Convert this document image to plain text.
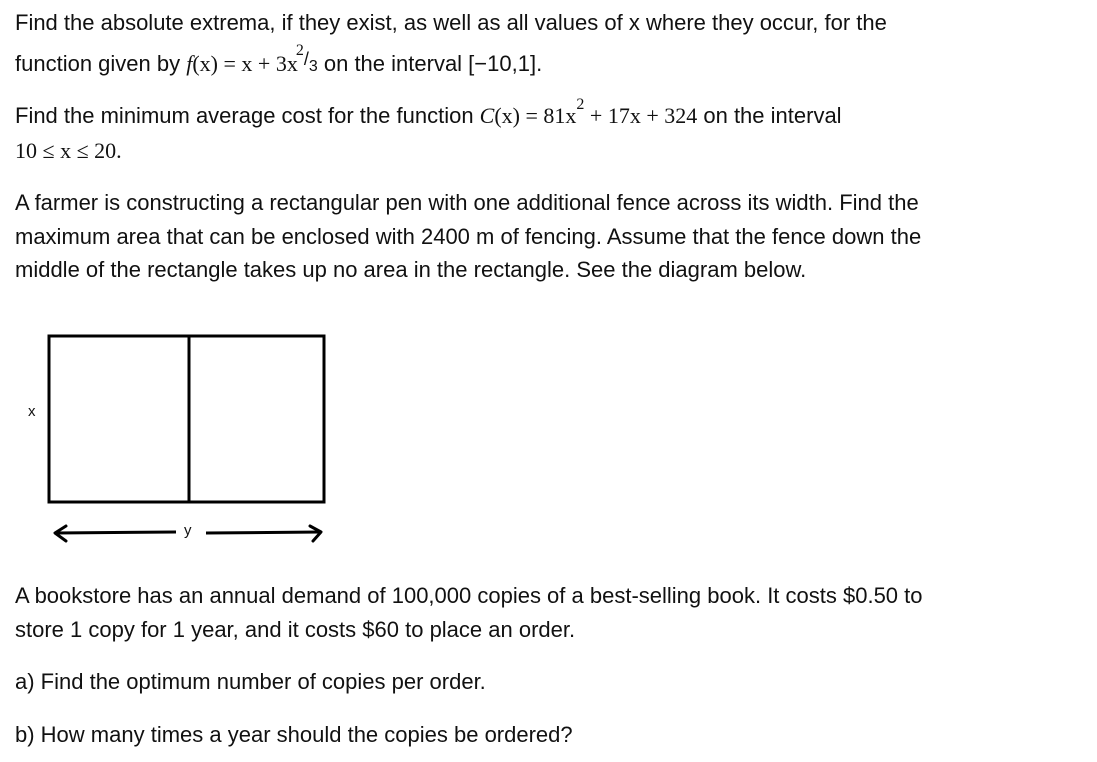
Find the absolute extrema, if they exist, as well as all values of x where they occur, for the
function given by $f(x) = x + 3x^{2/}3$ on the interval [−10,1].
Find the minimum average cost for the function $C(x) = 81x^2 + 17x + 324$ on the interval
10 ≤ x ≤ 20.
A farmer is constructing a rectangular pen with one additional fence across its width. Find the
maximum area that can be enclosed with 2400 m of fencing. Assume that the fence down the
middle of the rectangle takes up no area in the rectangle. See the diagram below.
A bookstore has an annual demand of 100,000 copies of a best-selling book. It costs $0.50 to
store 1 copy for 1 year, and it costs $60 to place an order.
a) Find the optimum number of copies per order.
b) How many times a year should the copies be ordered?
x
y
